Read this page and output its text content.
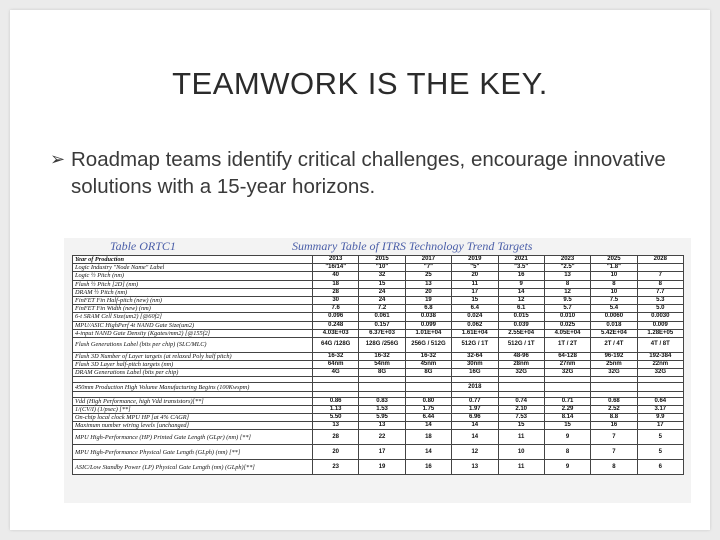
TEAMWORK IS THE KEY.
➢ Roadmap teams identify critical challenges, encourage innovative solutions with a 15-year horizons.
Table ORTC1	Summary Table of ITRS Technology Trend Targets
Year of Production	2013	2015	2017	2019	2021	2023	2025	2028
Logic Industry "Node Name" Label	"16/14"	"10"	"7"	"5"	"3.5"	"2.5"	"1.8"	
Logic ½ Pitch (nm)	40	32	25	20	16	13	10	7
Flash ½ Pitch [2D] (nm)	18	15	13	11	9	8	8	8
DRAM ½ Pitch (nm)	28	24	20	17	14	12	10	7.7
FinFET Fin Half-pitch (new) (nm)	30	24	19	15	12	9.5	7.5	5.3
FinFET Fin Width (new) (nm)	7.6	7.2	6.8	6.4	6.1	5.7	5.4	5.0
6-t SRAM Cell Size(um2) [@60f2]	0.096	0.061	0.038	0.024	0.015	0.010	0.0060	0.0030
MPU/ASIC HighPerf 4t NAND Gate Size(um2)	0.248	0.157	0.099	0.062	0.039	0.025	0.018	0.009
4-input NAND Gate Density (Kgates/mm2) [@155f2]	4.03E+03	6.37E+03	1.01E+04	1.61E+04	2.55E+04	4.05E+04	5.42E+04	1.28E+05
Flash Generations Label (bits per chip) (SLC/MLC)	64G /128G	128G /256G	256G / 512G	512G / 1T	512G / 1T	1T / 2T	2T / 4T	4T / 8T
Flash 3D Number of Layer targets (at relaxed Poly half pitch)	16-32	16-32	16-32	32-64	48-96	64-128	96-192	192-384
Flash 3D Layer half-pitch targets (nm)	64nm	54nm	45nm	30nm	28nm	27nm	25nm	22nm
DRAM Generations Label (bits per chip)	4G	8G	8G	16G	32G	32G	32G	32G

450mm Production High Volume Manufacturing Begins (100Kwspm)				2018				

Vdd (High Performance, high Vdd transistors)[**]	0.86	0.83	0.80	0.77	0.74	0.71	0.68	0.64
1/(CV/I) (1/psec) [**]	1.13	1.53	1.75	1.97	2.10	2.29	2.52	3.17
On-chip local clock MPU HP [at 4% CAGR]	5.50	5.95	6.44	6.96	7.53	8.14	8.8	9.9
Maximum number wiring levels [unchanged]	13	13	14	14	15	15	16	17
MPU High-Performance (HP) Printed Gate Length (GLpr) (nm) [**]	28	22	18	14	11	9	7	5
MPU High-Performance Physical Gate Length (GLph) (nm) [**]	20	17	14	12	10	8	7	5
ASIC/Low Standby Power (LP) Physical Gate Length (nm) (GLph)[**]	23	19	16	13	11	9	8	6
